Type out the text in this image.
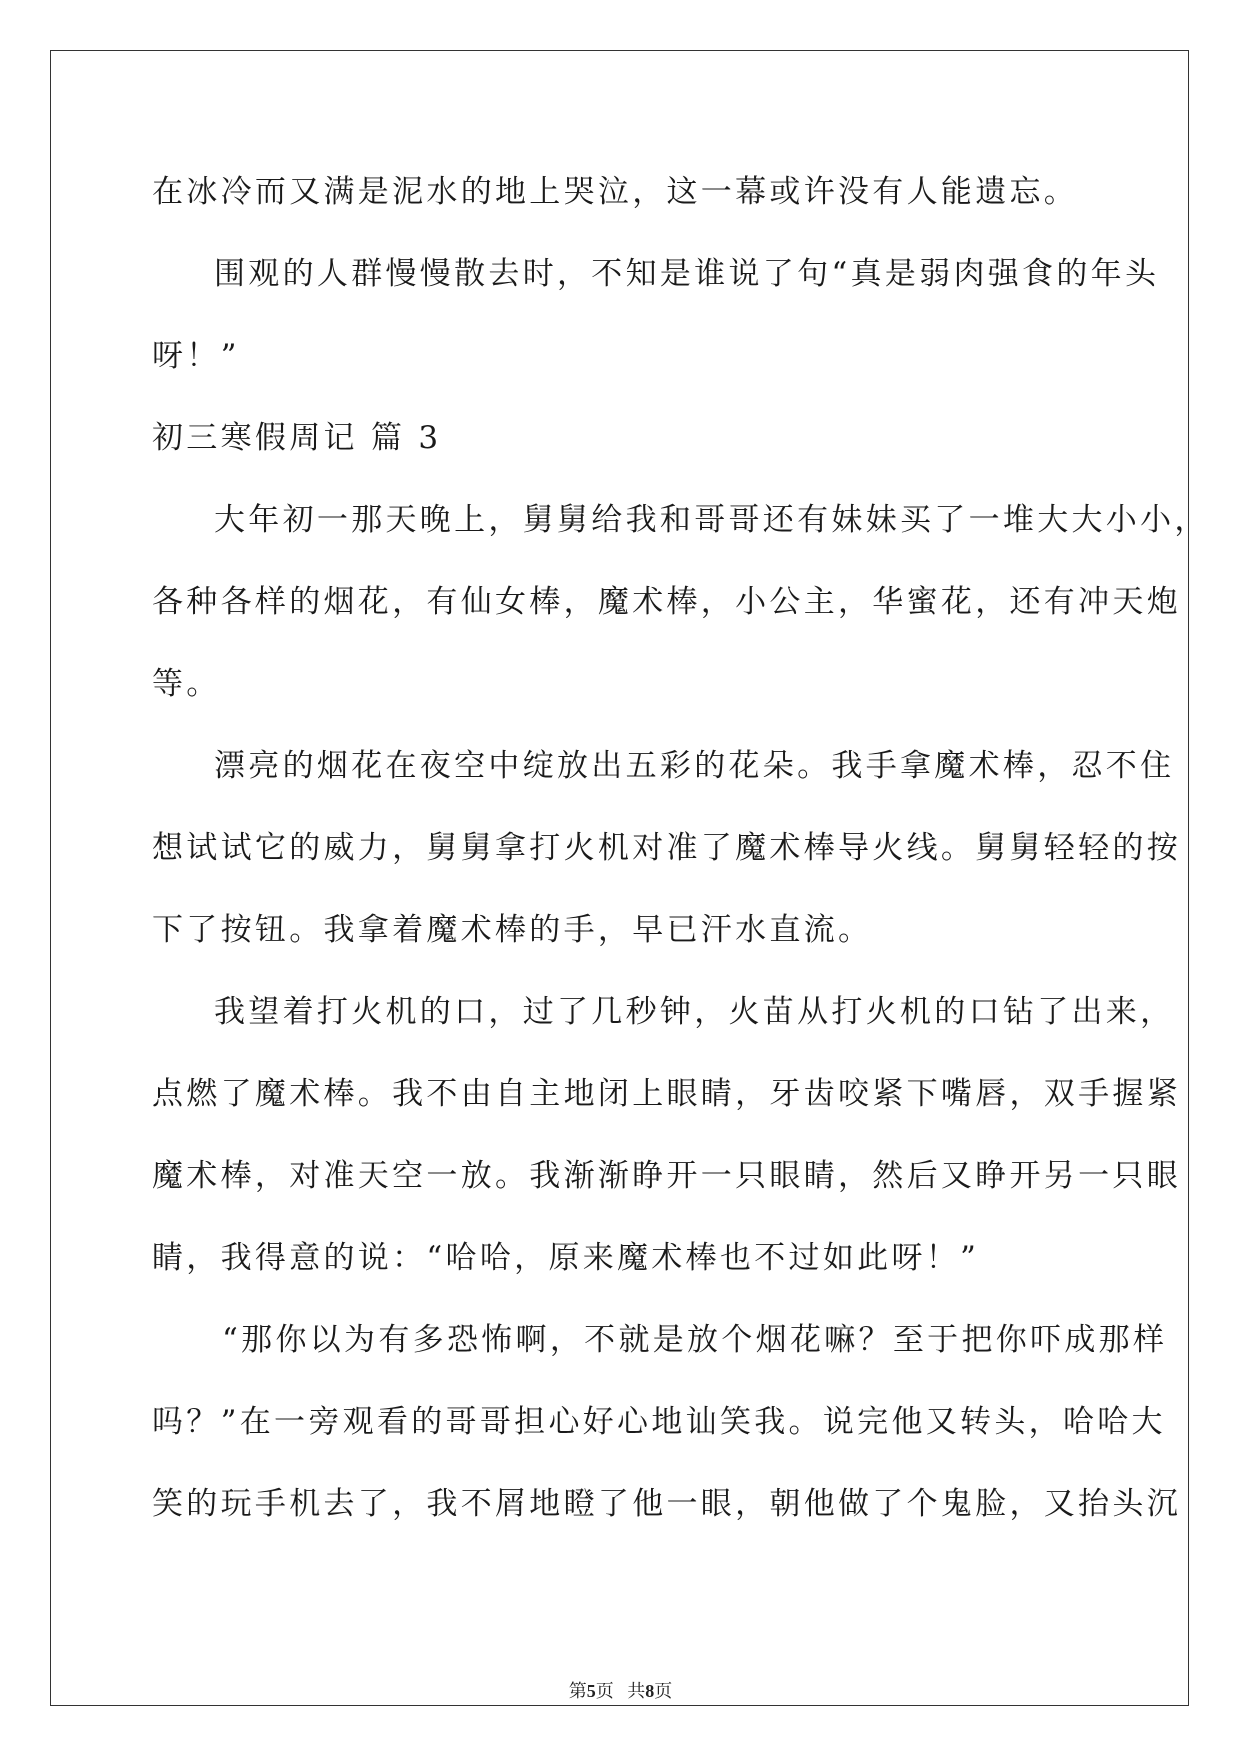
在冰冷而又满是泥水的地上哭泣，这一幕或许没有人能遗忘。
围观的人群慢慢散去时，不知是谁说了句“真是弱肉强食的年头
呀！”
初三寒假周记 篇 3
大年初一那天晚上，舅舅给我和哥哥还有妹妹买了一堆大大小小，
各种各样的烟花，有仙女棒，魔术棒，小公主，华蜜花，还有冲天炮
等。
漂亮的烟花在夜空中绽放出五彩的花朵。我手拿魔术棒，忍不住
想试试它的威力，舅舅拿打火机对准了魔术棒导火线。舅舅轻轻的按
下了按钮。我拿着魔术棒的手，早已汗水直流。
我望着打火机的口，过了几秒钟，火苗从打火机的口钻了出来，
点燃了魔术棒。我不由自主地闭上眼睛，牙齿咬紧下嘴唇，双手握紧
魔术棒，对准天空一放。我渐渐睁开一只眼睛，然后又睁开另一只眼
睛，我得意的说：“哈哈，原来魔术棒也不过如此呀！”
“那你以为有多恐怖啊，不就是放个烟花嘛？至于把你吓成那样
吗？”在一旁观看的哥哥担心好心地讪笑我。说完他又转头，哈哈大
笑的玩手机去了，我不屑地瞪了他一眼，朝他做了个鬼脸，又抬头沉
第5页   共8页
